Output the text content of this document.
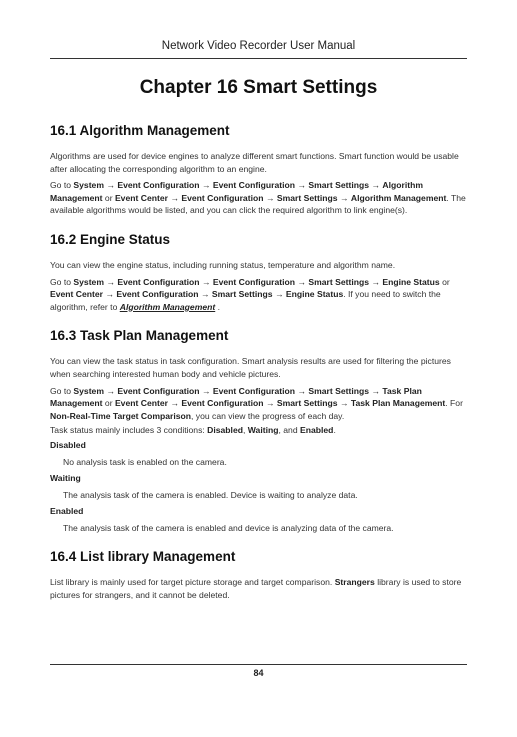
Network Video Recorder User Manual
Chapter 16 Smart Settings
16.1 Algorithm Management

Algorithms are used for device engines to analyze different smart functions. Smart function would be usable after allocating the corresponding algorithm to an engine.

Go to System → Event Configuration → Event Configuration → Smart Settings → Algorithm Management or Event Center → Event Configuration → Smart Settings → Algorithm Management. The available algorithms would be listed, and you can click the required algorithm to link engine(s).

16.2 Engine Status

You can view the engine status, including running status, temperature and algorithm name.

Go to System → Event Configuration → Event Configuration → Smart Settings → Engine Status or Event Center → Event Configuration → Smart Settings → Engine Status. If you need to switch the algorithm, refer to Algorithm Management .

16.3 Task Plan Management

You can view the task status in task configuration. Smart analysis results are used for filtering the pictures when searching interested human body and vehicle pictures.

Go to System → Event Configuration → Event Configuration → Smart Settings → Task Plan Management or Event Center → Event Configuration → Smart Settings → Task Plan Management. For Non-Real-Time Target Comparison, you can view the progress of each day.

Task status mainly includes 3 conditions: Disabled, Waiting, and Enabled.

Disabled

No analysis task is enabled on the camera.

Waiting

The analysis task of the camera is enabled. Device is waiting to analyze data.

Enabled

The analysis task of the camera is enabled and device is analyzing data of the camera.

16.4 List library Management

List library is mainly used for target picture storage and target comparison. Strangers library is used to store pictures for strangers, and it cannot be deleted.

84
